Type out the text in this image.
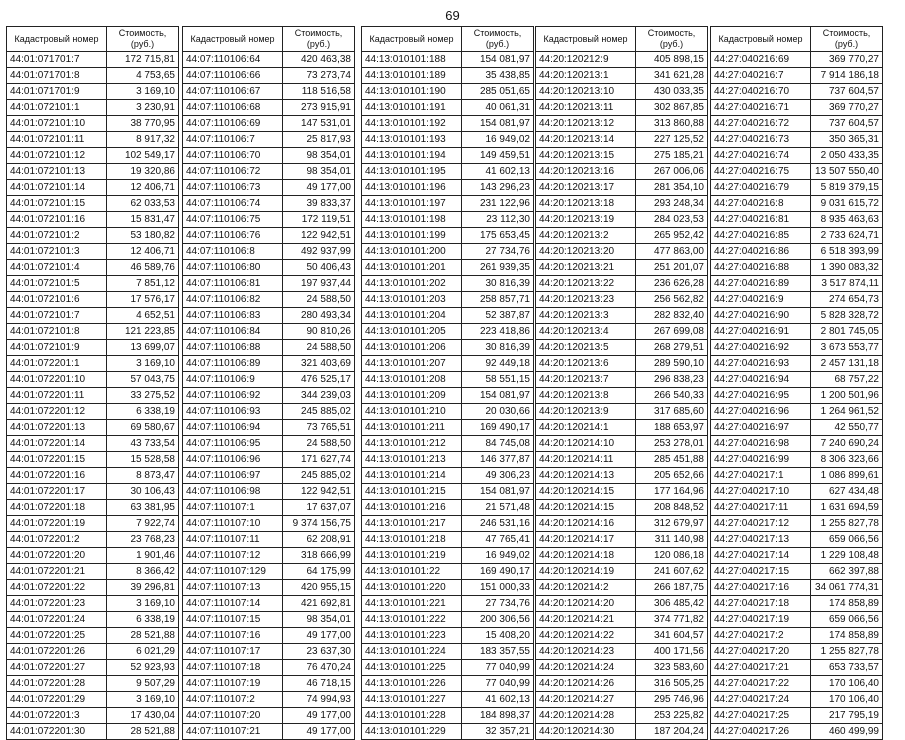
69
Кадастровый номер	Стоимость, (руб.)
44:01:071701:7	172 715,81
44:01:071701:8	4 753,65
44:01:071701:9	3 169,10
44:01:072101:1	3 230,91
44:01:072101:10	38 770,95
44:01:072101:11	8 917,32
44:01:072101:12	102 549,17
44:01:072101:13	19 320,86
44:01:072101:14	12 406,71
44:01:072101:15	62 033,53
44:01:072101:16	15 831,47
44:01:072101:2	53 180,82
44:01:072101:3	12 406,71
44:01:072101:4	46 589,76
44:01:072101:5	7 851,12
44:01:072101:6	17 576,17
44:01:072101:7	4 652,51
44:01:072101:8	121 223,85
44:01:072101:9	13 699,07
44:01:072201:1	3 169,10
44:01:072201:10	57 043,75
44:01:072201:11	33 275,52
44:01:072201:12	6 338,19
44:01:072201:13	69 580,67
44:01:072201:14	43 733,54
44:01:072201:15	15 528,58
44:01:072201:16	8 873,47
44:01:072201:17	30 106,43
44:01:072201:18	63 381,95
44:01:072201:19	7 922,74
44:01:072201:2	23 768,23
44:01:072201:20	1 901,46
44:01:072201:21	8 366,42
44:01:072201:22	39 296,81
44:01:072201:23	3 169,10
44:01:072201:24	6 338,19
44:01:072201:25	28 521,88
44:01:072201:26	6 021,29
44:01:072201:27	52 923,93
44:01:072201:28	9 507,29
44:01:072201:29	3 169,10
44:01:072201:3	17 430,04
44:01:072201:30	28 521,88
Кадастровый номер	Стоимость, (руб.)
44:07:110106:64	420 463,38
44:07:110106:66	73 273,74
44:07:110106:67	118 516,58
44:07:110106:68	273 915,91
44:07:110106:69	147 531,01
44:07:110106:7	25 817,93
44:07:110106:70	98 354,01
44:07:110106:72	98 354,01
44:07:110106:73	49 177,00
44:07:110106:74	39 833,37
44:07:110106:75	172 119,51
44:07:110106:76	122 942,51
44:07:110106:8	492 937,99
44:07:110106:80	50 406,43
44:07:110106:81	197 937,44
44:07:110106:82	24 588,50
44:07:110106:83	280 493,34
44:07:110106:84	90 810,26
44:07:110106:88	24 588,50
44:07:110106:89	321 403,69
44:07:110106:9	476 525,17
44:07:110106:92	344 239,03
44:07:110106:93	245 885,02
44:07:110106:94	73 765,51
44:07:110106:95	24 588,50
44:07:110106:96	171 627,74
44:07:110106:97	245 885,02
44:07:110106:98	122 942,51
44:07:110107:1	17 637,07
44:07:110107:10	9 374 156,75
44:07:110107:11	62 208,91
44:07:110107:12	318 666,99
44:07:110107:129	64 175,99
44:07:110107:13	420 955,15
44:07:110107:14	421 692,81
44:07:110107:15	98 354,01
44:07:110107:16	49 177,00
44:07:110107:17	23 637,30
44:07:110107:18	76 470,24
44:07:110107:19	46 718,15
44:07:110107:2	74 994,93
44:07:110107:20	49 177,00
44:07:110107:21	49 177,00
Кадастровый номер	Стоимость, (руб.)
44:13:010101:188	154 081,97
44:13:010101:189	35 438,85
44:13:010101:190	285 051,65
44:13:010101:191	40 061,31
44:13:010101:192	154 081,97
44:13:010101:193	16 949,02
44:13:010101:194	149 459,51
44:13:010101:195	41 602,13
44:13:010101:196	143 296,23
44:13:010101:197	231 122,96
44:13:010101:198	23 112,30
44:13:010101:199	175 653,45
44:13:010101:200	27 734,76
44:13:010101:201	261 939,35
44:13:010101:202	30 816,39
44:13:010101:203	258 857,71
44:13:010101:204	52 387,87
44:13:010101:205	223 418,86
44:13:010101:206	30 816,39
44:13:010101:207	92 449,18
44:13:010101:208	58 551,15
44:13:010101:209	154 081,97
44:13:010101:210	20 030,66
44:13:010101:211	169 490,17
44:13:010101:212	84 745,08
44:13:010101:213	146 377,87
44:13:010101:214	49 306,23
44:13:010101:215	154 081,97
44:13:010101:216	21 571,48
44:13:010101:217	246 531,16
44:13:010101:218	47 765,41
44:13:010101:219	16 949,02
44:13:010101:22	169 490,17
44:13:010101:220	151 000,33
44:13:010101:221	27 734,76
44:13:010101:222	200 306,56
44:13:010101:223	15 408,20
44:13:010101:224	183 357,55
44:13:010101:225	77 040,99
44:13:010101:226	77 040,99
44:13:010101:227	41 602,13
44:13:010101:228	184 898,37
44:13:010101:229	32 357,21
Кадастровый номер	Стоимость, (руб.)
44:20:120212:9	405 898,15
44:20:120213:1	341 621,28
44:20:120213:10	430 033,35
44:20:120213:11	302 867,85
44:20:120213:12	313 860,88
44:20:120213:14	227 125,52
44:20:120213:15	275 185,21
44:20:120213:16	267 006,06
44:20:120213:17	281 354,10
44:20:120213:18	293 248,34
44:20:120213:19	284 023,53
44:20:120213:2	265 952,42
44:20:120213:20	477 863,00
44:20:120213:21	251 201,07
44:20:120213:22	236 626,28
44:20:120213:23	256 562,82
44:20:120213:3	282 832,40
44:20:120213:4	267 699,08
44:20:120213:5	268 279,51
44:20:120213:6	289 590,10
44:20:120213:7	296 838,23
44:20:120213:8	266 540,33
44:20:120213:9	317 685,60
44:20:120214:1	188 653,97
44:20:120214:10	253 278,01
44:20:120214:11	285 451,88
44:20:120214:13	205 652,66
44:20:120214:15	177 164,96
44:20:120214:15	208 848,52
44:20:120214:16	312 679,97
44:20:120214:17	311 140,98
44:20:120214:18	120 086,18
44:20:120214:19	241 607,62
44:20:120214:2	266 187,75
44:20:120214:20	306 485,42
44:20:120214:21	374 771,82
44:20:120214:22	341 604,57
44:20:120214:23	400 171,56
44:20:120214:24	323 583,60
44:20:120214:26	316 505,25
44:20:120214:27	295 746,96
44:20:120214:28	253 225,82
44:20:120214:30	187 204,24
Кадастровый номер	Стоимость, (руб.)
44:27:040216:69	369 770,27
44:27:040216:7	7 914 186,18
44:27:040216:70	737 604,57
44:27:040216:71	369 770,27
44:27:040216:72	737 604,57
44:27:040216:73	350 365,31
44:27:040216:74	2 050 433,35
44:27:040216:75	13 507 550,40
44:27:040216:79	5 819 379,15
44:27:040216:8	9 031 615,72
44:27:040216:81	8 935 463,63
44:27:040216:85	2 733 624,71
44:27:040216:86	6 518 393,99
44:27:040216:88	1 390 083,32
44:27:040216:89	3 517 874,11
44:27:040216:9	274 654,73
44:27:040216:90	5 828 328,72
44:27:040216:91	2 801 745,05
44:27:040216:92	3 673 553,77
44:27:040216:93	2 457 131,18
44:27:040216:94	68 757,22
44:27:040216:95	1 200 501,96
44:27:040216:96	1 264 961,52
44:27:040216:97	42 550,77
44:27:040216:98	7 240 690,24
44:27:040216:99	8 306 323,66
44:27:040217:1	1 086 899,61
44:27:040217:10	627 434,48
44:27:040217:11	1 631 694,59
44:27:040217:12	1 255 827,78
44:27:040217:13	659 066,56
44:27:040217:14	1 229 108,48
44:27:040217:15	662 397,88
44:27:040217:16	34 061 774,31
44:27:040217:18	174 858,89
44:27:040217:19	659 066,56
44:27:040217:2	174 858,89
44:27:040217:20	1 255 827,78
44:27:040217:21	653 733,57
44:27:040217:22	170 106,40
44:27:040217:24	170 106,40
44:27:040217:25	217 795,19
44:27:040217:26	460 499,99
